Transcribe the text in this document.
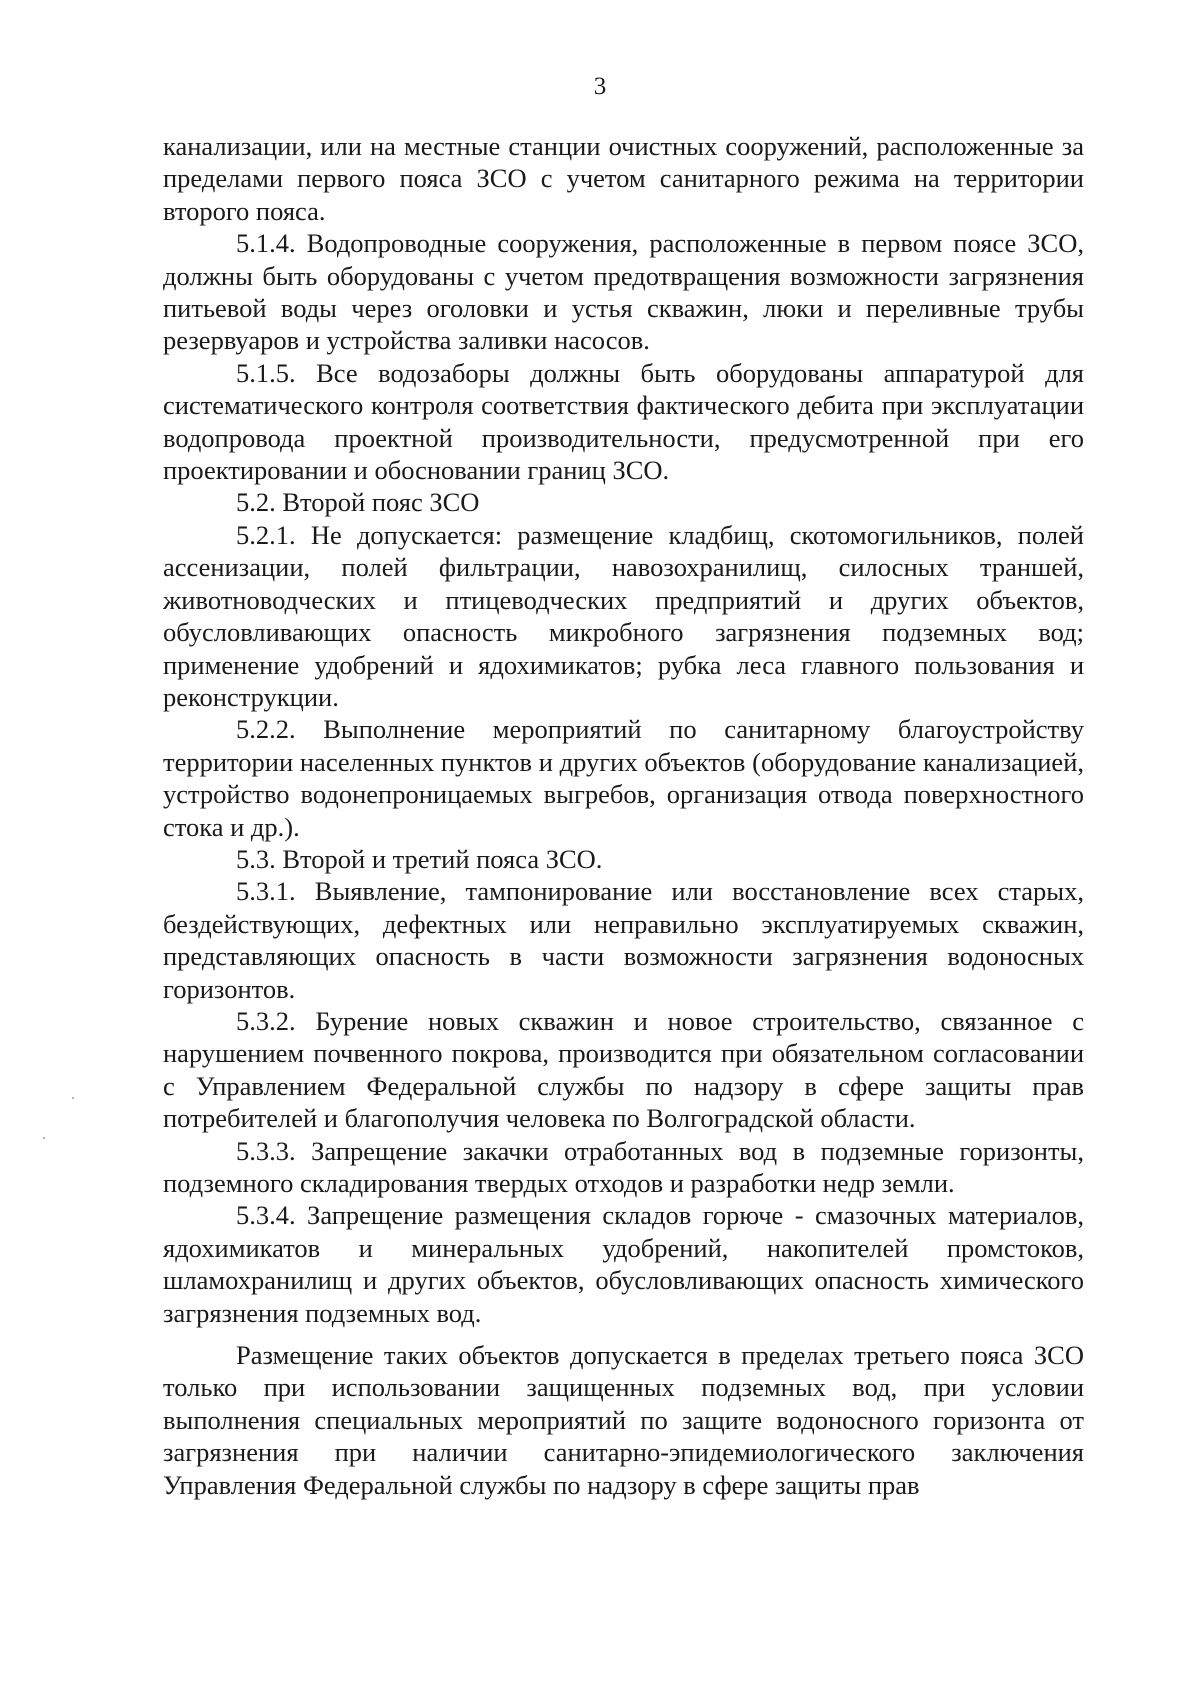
3

канализации, или на местные станции очистных сооружений, расположенные за пределами первого пояса ЗСО с учетом санитарного режима на территории второго пояса.

5.1.4. Водопроводные сооружения, расположенные в первом поясе ЗСО, должны быть оборудованы с учетом предотвращения возможности загрязнения питьевой воды через оголовки и устья скважин, люки и переливные трубы резервуаров и устройства заливки насосов.

5.1.5. Все водозаборы должны быть оборудованы аппаратурой для систематического контроля соответствия фактического дебита при эксплуатации водопровода проектной производительности, предусмотренной при его проектировании и обосновании границ ЗСО.

5.2. Второй пояс ЗСО

5.2.1. Не допускается: размещение кладбищ, скотомогильников, полей ассенизации, полей фильтрации, навозохранилищ, силосных траншей, животноводческих и птицеводческих предприятий и других объектов, обусловливающих опасность микробного загрязнения подземных вод; применение удобрений и ядохимикатов; рубка леса главного пользования и реконструкции.

5.2.2. Выполнение мероприятий по санитарному благоустройству территории населенных пунктов и других объектов (оборудование канализацией, устройство водонепроницаемых выгребов, организация отвода поверхностного стока и др.).

5.3. Второй и третий пояса ЗСО.

5.3.1. Выявление, тампонирование или восстановление всех старых, бездействующих, дефектных или неправильно эксплуатируемых скважин, представляющих опасность в части возможности загрязнения водоносных горизонтов.

5.3.2. Бурение новых скважин и новое строительство, связанное с нарушением почвенного покрова, производится при обязательном согласовании с Управлением Федеральной службы по надзору в сфере защиты прав потребителей и благополучия человека по Волгоградской области.

5.3.3. Запрещение закачки отработанных вод в подземные горизонты, подземного складирования твердых отходов и разработки недр земли.

5.3.4. Запрещение размещения складов горюче - смазочных материалов, ядохимикатов и минеральных удобрений, накопителей промстоков, шламохранилищ и других объектов, обусловливающих опасность химического загрязнения подземных вод.

Размещение таких объектов допускается в пределах третьего пояса ЗСО только при использовании защищенных подземных вод, при условии выполнения специальных мероприятий по защите водоносного горизонта от загрязнения при наличии санитарно-эпидемиологического заключения Управления Федеральной службы по надзору в сфере защиты прав
